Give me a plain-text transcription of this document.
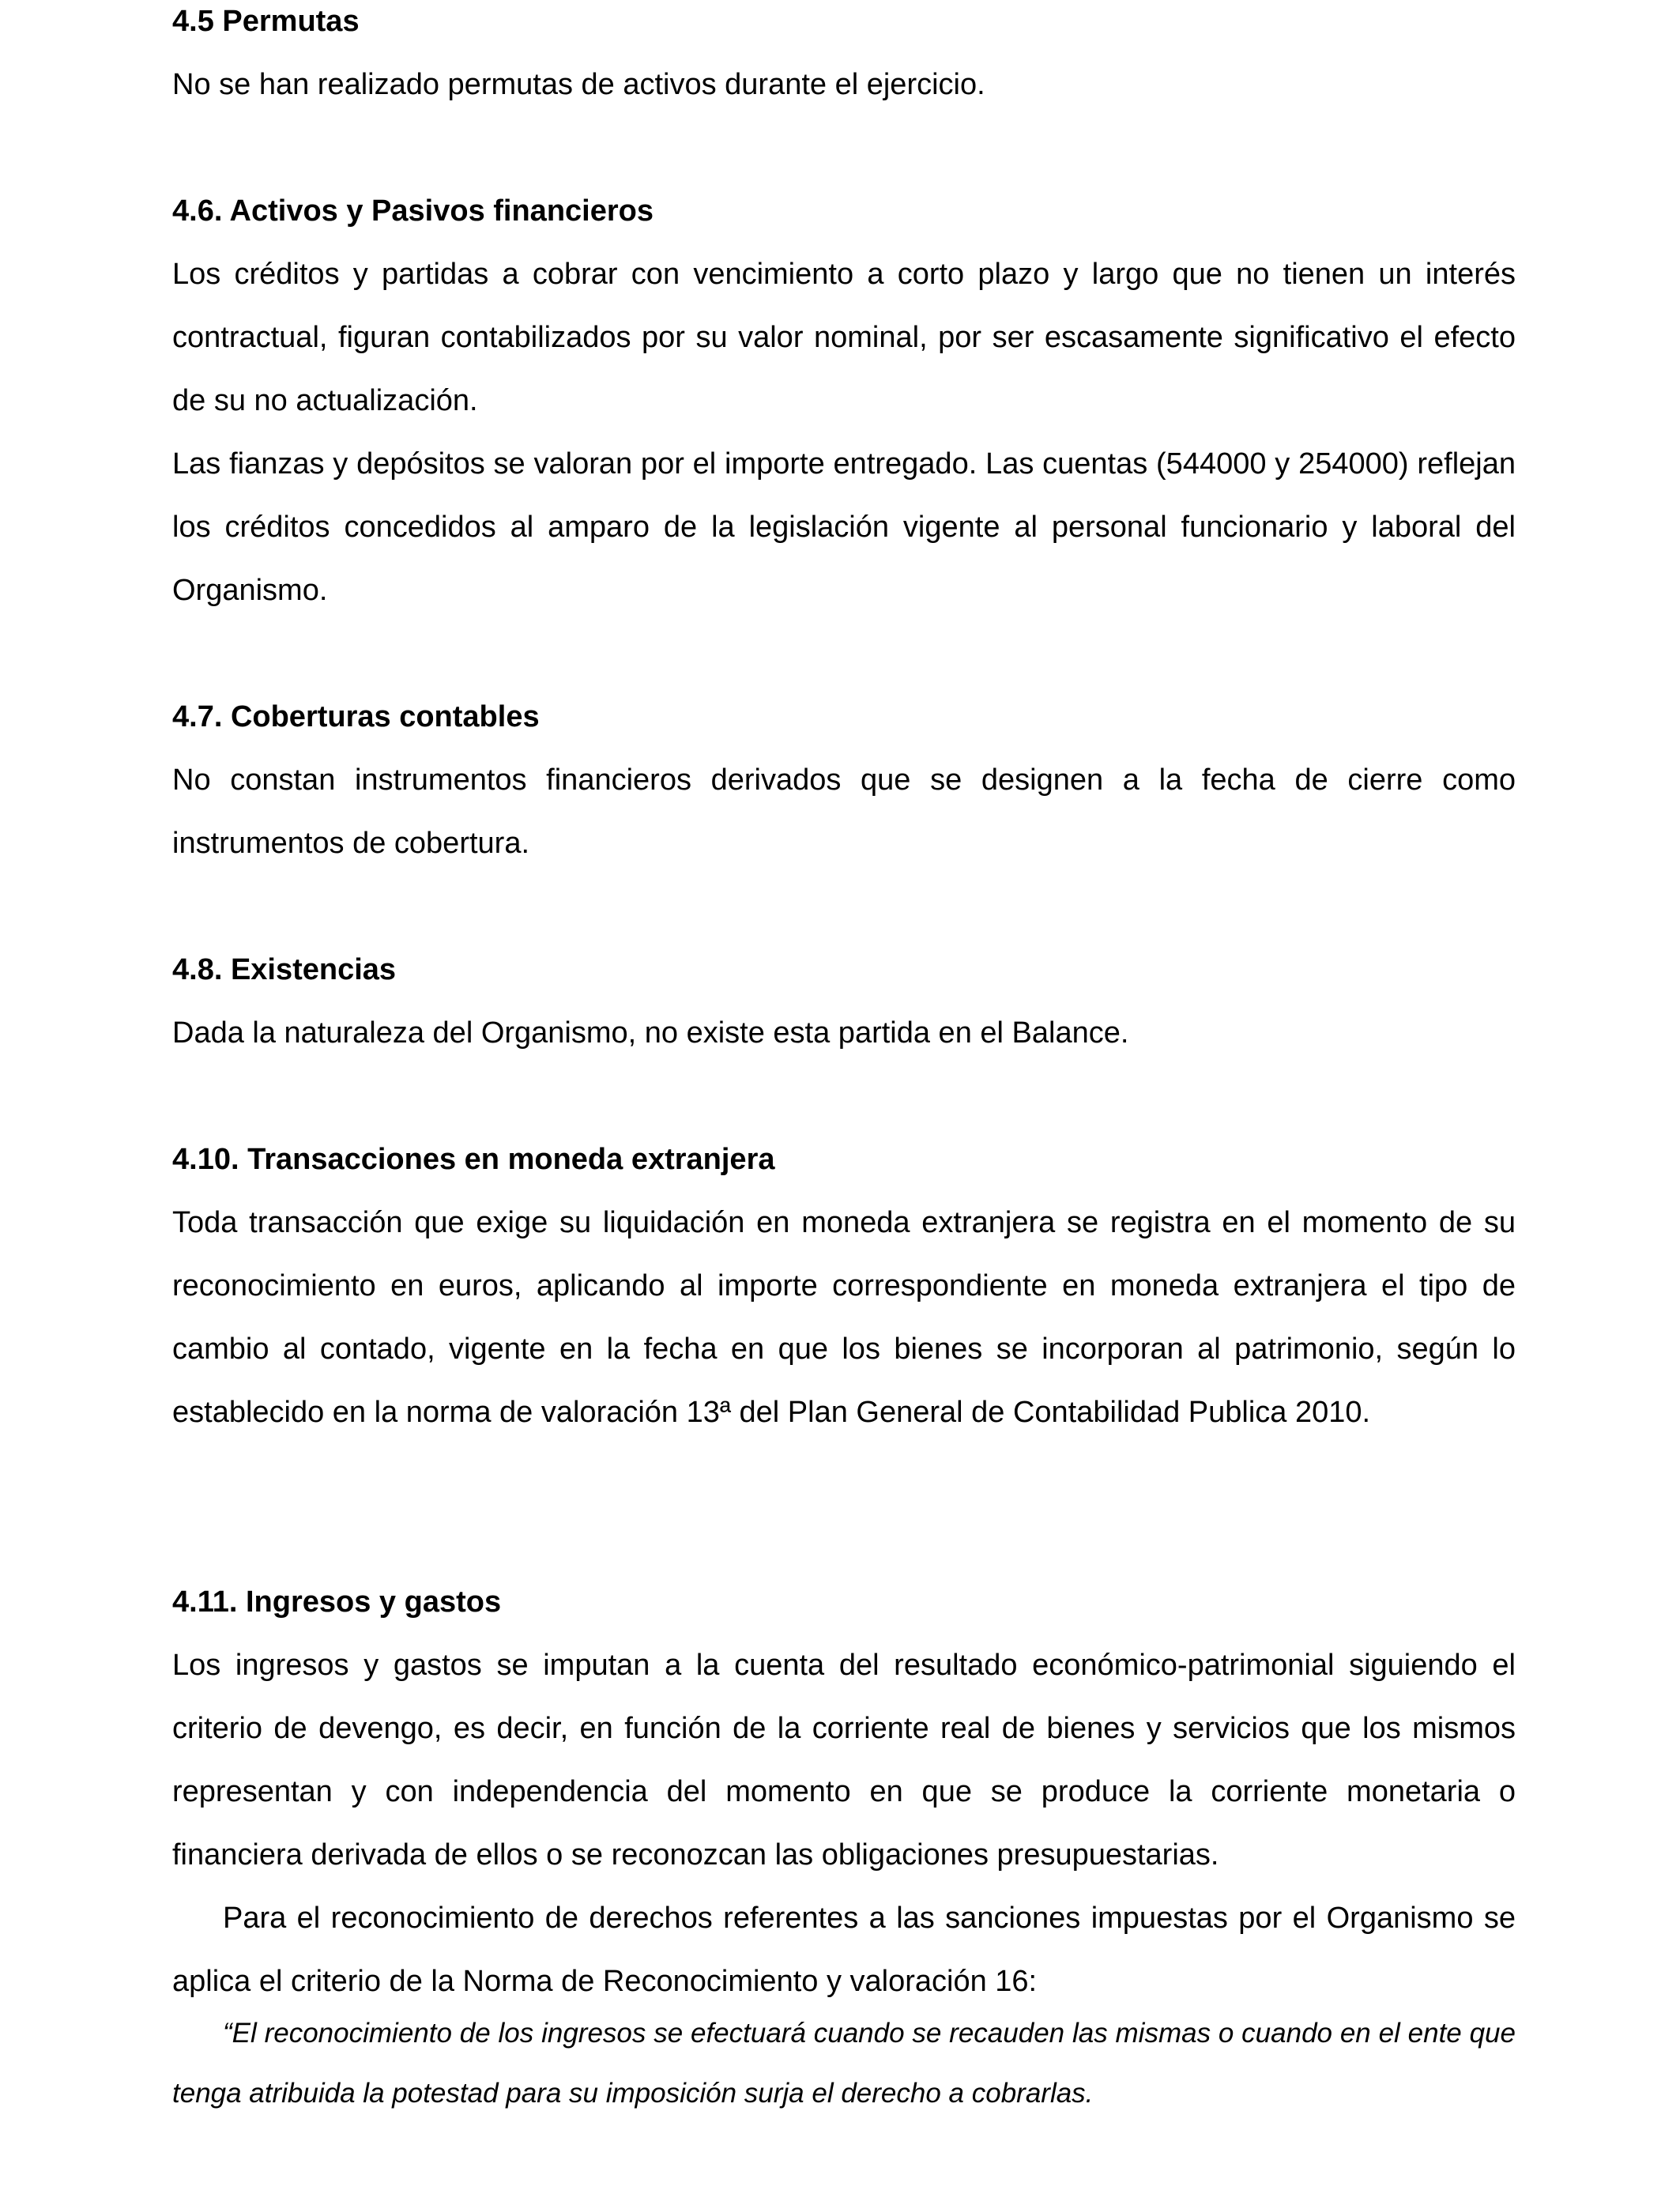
4.5 Permutas

No se han realizado permutas de activos durante el ejercicio.

4.6. Activos y Pasivos financieros

Los créditos y partidas a cobrar con vencimiento a corto plazo y largo que no tienen un interés contractual, figuran contabilizados por su valor nominal, por ser escasamente significativo el efecto de su no actualización.

Las fianzas y depósitos se valoran por el importe entregado. Las cuentas (544000 y 254000) reflejan los créditos concedidos al amparo de la legislación vigente al personal funcionario y laboral del Organismo.

4.7. Coberturas contables

No constan instrumentos financieros derivados que se designen a la fecha de cierre como instrumentos de cobertura.

4.8. Existencias

Dada la naturaleza del Organismo, no existe esta partida en el Balance.

4.10. Transacciones en moneda extranjera

Toda transacción que exige su liquidación en moneda extranjera se registra en el momento de su reconocimiento en euros, aplicando al importe correspondiente en moneda extranjera el tipo de cambio al contado, vigente en la fecha en que los bienes se incorporan al patrimonio, según lo establecido en la norma de valoración 13ª del Plan General de Contabilidad Publica 2010.

4.11. Ingresos y gastos

Los ingresos y gastos se imputan a la cuenta del resultado económico-patrimonial siguiendo el criterio de devengo, es decir, en función de la corriente real de bienes y servicios que los mismos representan y con independencia del momento en que se produce la corriente monetaria o financiera derivada de ellos o se reconozcan las obligaciones presupuestarias.

Para el reconocimiento de derechos referentes a las sanciones impuestas por el Organismo se aplica el criterio de la Norma de Reconocimiento y valoración 16:

“El reconocimiento de los ingresos se efectuará cuando se recauden las mismas o cuando en el ente que tenga atribuida la potestad para su imposición surja el derecho a cobrarlas.
